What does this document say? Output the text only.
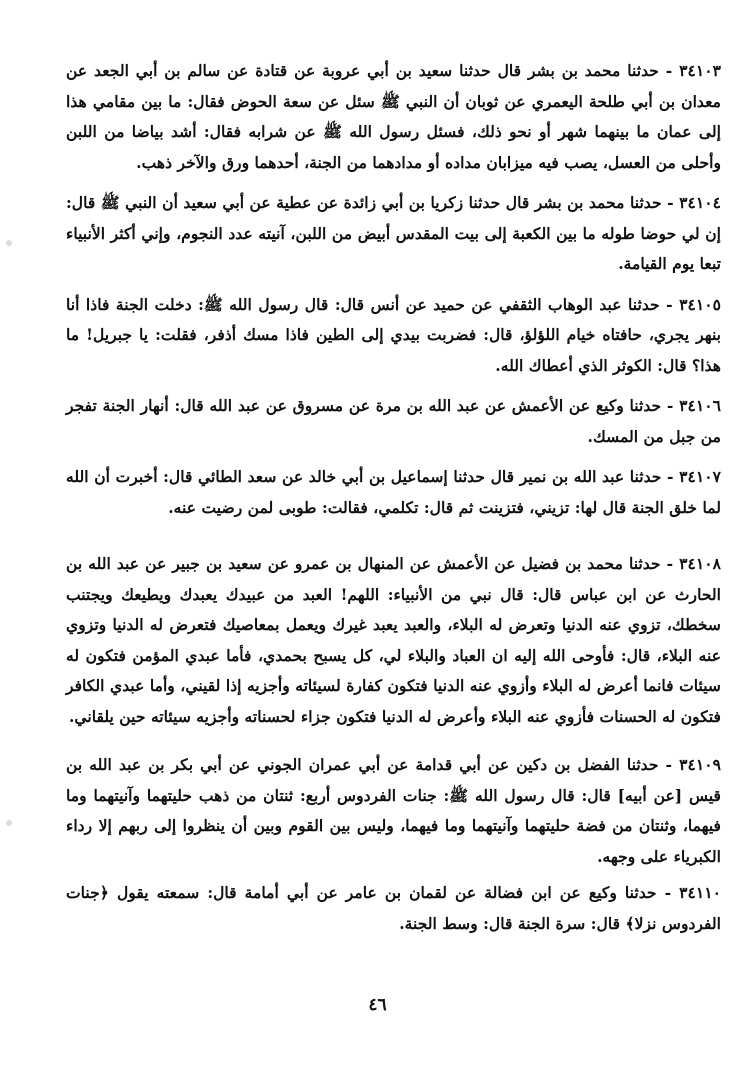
٣٤١٠٣ - حدثنا محمد بن بشر قال حدثنا سعيد بن أبي عروبة عن قتادة عن سالم بن أبي الجعد عن معدان بن أبي طلحة اليعمري عن ثوبان أن النبي ﷺ سئل عن سعة الحوض فقال: ما بين مقامي هذا إلى عمان ما بينهما شهر أو نحو ذلك، فسئل رسول الله ﷺ عن شرابه فقال: أشد بياضا من اللبن وأحلى من العسل، يصب فيه ميزابان مداده أو مدادهما من الجنة، أحدهما ورق والآخر ذهب.

٣٤١٠٤ - حدثنا محمد بن بشر قال حدثنا زكريا بن أبي زائدة عن عطية عن أبي سعيد أن النبي ﷺ قال: إن لي حوضا طوله ما بين الكعبة إلى بيت المقدس أبيض من اللبن، آنيته عدد النجوم، وإني أكثر الأنبياء تبعا يوم القيامة.

٣٤١٠٥ - حدثنا عبد الوهاب الثقفي عن حميد عن أنس قال: قال رسول الله ﷺ: دخلت الجنة فاذا أنا بنهر يجري، حافتاه خيام اللؤلؤ، قال: فضربت بيدي إلى الطين فاذا مسك أذفر، فقلت: يا جبريل! ما هذا؟ قال: الكوثر الذي أعطاك الله.

٣٤١٠٦ - حدثنا وكيع عن الأعمش عن عبد الله بن مرة عن مسروق عن عبد الله قال: أنهار الجنة تفجر من جبل من المسك.

٣٤١٠٧ - حدثنا عبد الله بن نمير قال حدثنا إسماعيل بن أبي خالد عن سعد الطائي قال: أخبرت أن الله لما خلق الجنة قال لها: تزيني، فتزينت ثم قال: تكلمي، فقالت: طوبى لمن رضيت عنه.

٣٤١٠٨ - حدثنا محمد بن فضيل عن الأعمش عن المنهال بن عمرو عن سعيد بن جبير عن عبد الله بن الحارث عن ابن عباس قال: قال نبي من الأنبياء: اللهم! العبد من عبيدك يعبدك ويطيعك ويجتنب سخطك، تزوي عنه الدنيا وتعرض له البلاء، والعبد يعبد غيرك ويعمل بمعاصيك فتعرض له الدنيا وتزوي عنه البلاء، قال: فأوحى الله إليه ان العباد والبلاء لي، كل يسبح بحمدي، فأما عبدي المؤمن فتكون له سيئات فانما أعرض له البلاء وأزوي عنه الدنيا فتكون كفارة لسيئاته وأجزيه إذا لقيني، وأما عبدي الكافر فتكون له الحسنات فأزوي عنه البلاء وأعرض له الدنيا فتكون جزاء لحسناته وأجزيه سيئاته حين يلقاني.

٣٤١٠٩ - حدثنا الفضل بن دكين عن أبي قدامة عن أبي عمران الجوني عن أبي بكر بن عبد الله بن قيس [عن أبيه] قال: قال رسول الله ﷺ: جنات الفردوس أربع: ثنتان من ذهب حليتهما وآنيتهما وما فيهما، وثنتان من فضة حليتهما وآنيتهما وما فيهما، وليس بين القوم وبين أن ينظروا إلى ربهم إلا رداء الكبرياء على وجهه.

٣٤١١٠ - حدثنا وكيع عن ابن فضالة عن لقمان بن عامر عن أبي أمامة قال: سمعته يقول ﴿جنات الفردوس نزلا﴾ قال: سرة الجنة قال: وسط الجنة.

٤٦
